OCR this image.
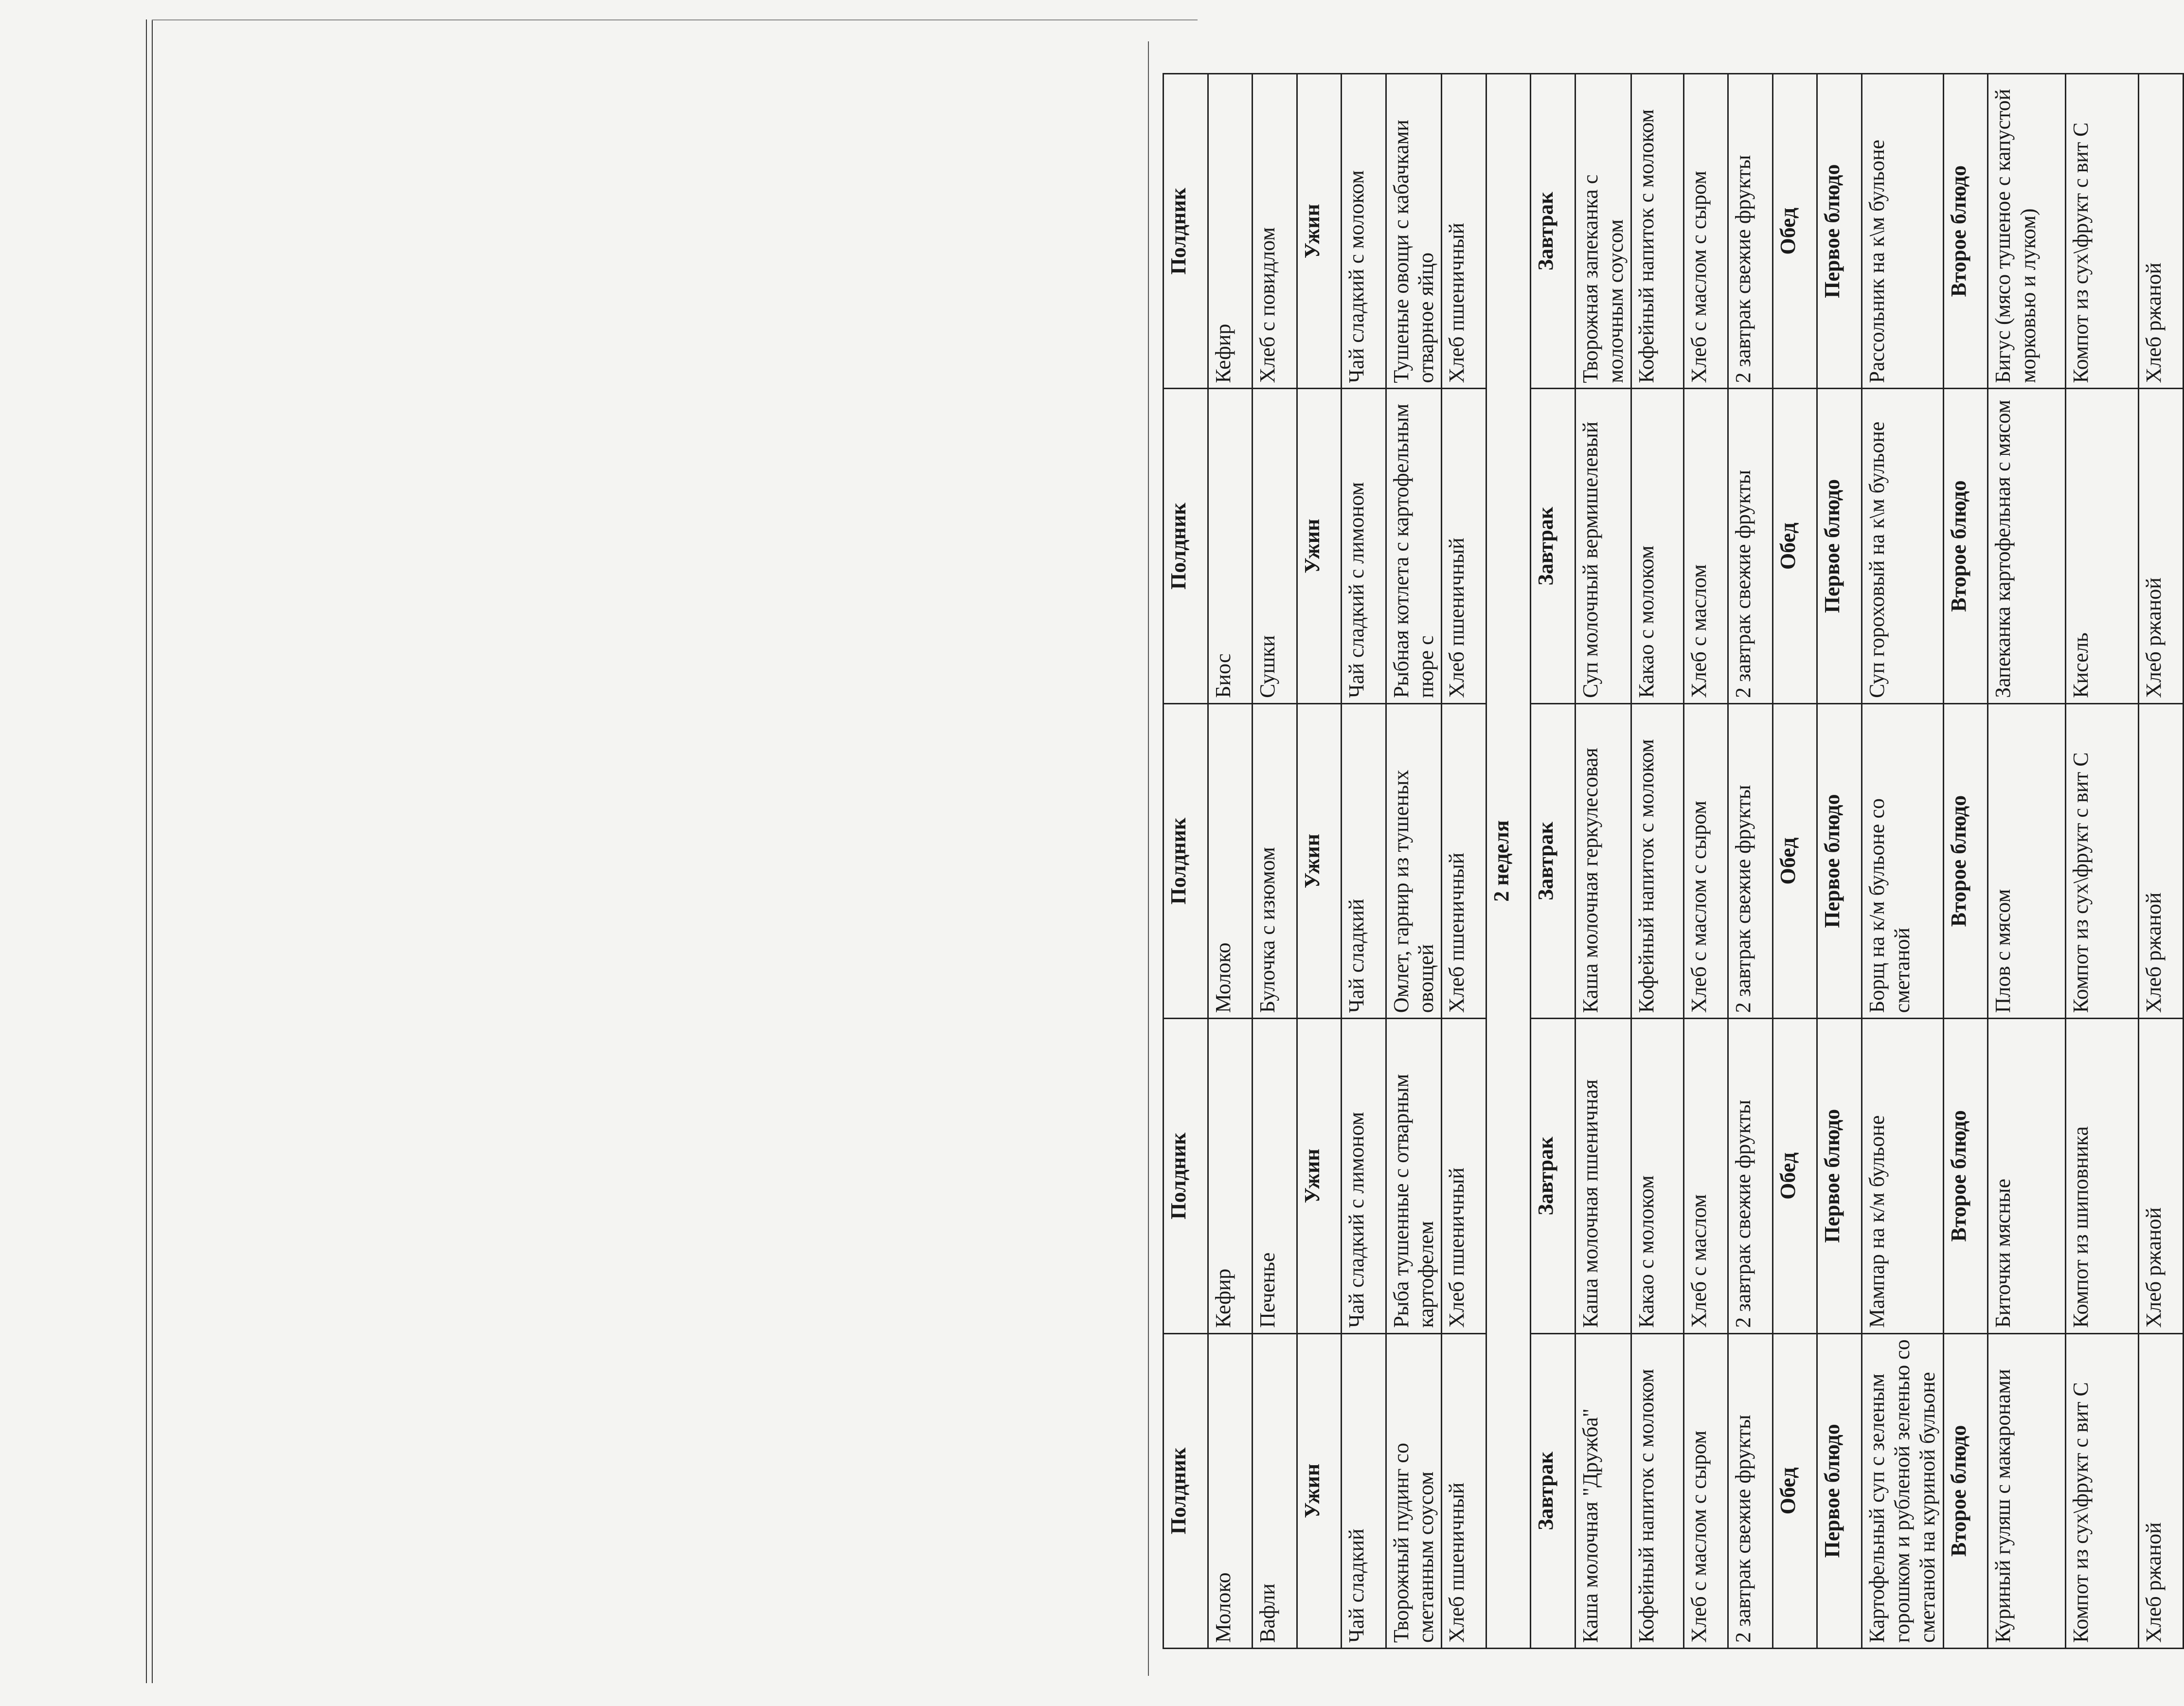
Полдник	Полдник	Полдник	Полдник	Полдник
Молоко	Кефир	Молоко	Биос	Кефир
Вафли	Печенье	Булочка с изюмом	Сушки	Хлеб с повидлом
Ужин	Ужин	Ужин	Ужин	Ужин
Чай сладкий	Чай сладкий с лимоном	Чай сладкий	Чай сладкий с лимоном	Чай сладкий с молоком
Творожный пудинг со сметанным соусом	Рыба тушенные с отварным картофелем	Омлет, гарнир из тушеных овощей	Рыбная котлета с картофельным пюре с	Тушеные овощи с кабачками отварное яйцо
Хлеб пшеничный	Хлеб пшеничный	Хлеб пшеничный	Хлеб пшеничный	Хлеб пшеничный
2 неделя				
Завтрак	Завтрак	Завтрак	Завтрак	Завтрак
Каша молочная "Дружба"	Каша молочная пшеничная	Каша молочная геркулесовая	Суп молочный вермишелевый	Творожная запеканка с молочным соусом
Кофейный напиток с молоком	Какао с молоком	Кофейный напиток с молоком	Какао с молоком	Кофейный напиток с молоком
Хлеб с маслом с сыром	Хлеб с маслом	Хлеб с маслом с сыром	Хлеб с маслом	Хлеб с маслом с сыром
2 завтрак свежие фрукты	2 завтрак свежие фрукты	2 завтрак свежие фрукты	2 завтрак свежие фрукты	2 завтрак свежие фрукты
Обед	Обед	Обед	Обед	Обед
Первое блюдо	Первое блюдо	Первое блюдо	Первое блюдо	Первое блюдо
Картофельный суп с зеленым горошком и рубленой зеленью со сметаной на куриной бульоне	Мампар на к/м бульоне	Борщ на к/м бульоне со сметаной	Суп гороховый на к\м бульоне	Рассольник на к\м бульоне
Второе блюдо	Второе блюдо	Второе блюдо	Второе блюдо	Второе блюдо
Куриный гуляш с макаронами	Биточки мясные	Плов с мясом	Запеканка картофельная с мясом	Бигус (мясо тушеное с капустой морковью и луком)
Компот из сух\фрукт с вит С	Компот из шиповника	Компот из сух\фрукт с вит С	Кисель	Компот из сух\фрукт с вит С
Хлеб ржаной	Хлеб ржаной	Хлеб ржаной	Хлеб ржаной	Хлеб ржаной
